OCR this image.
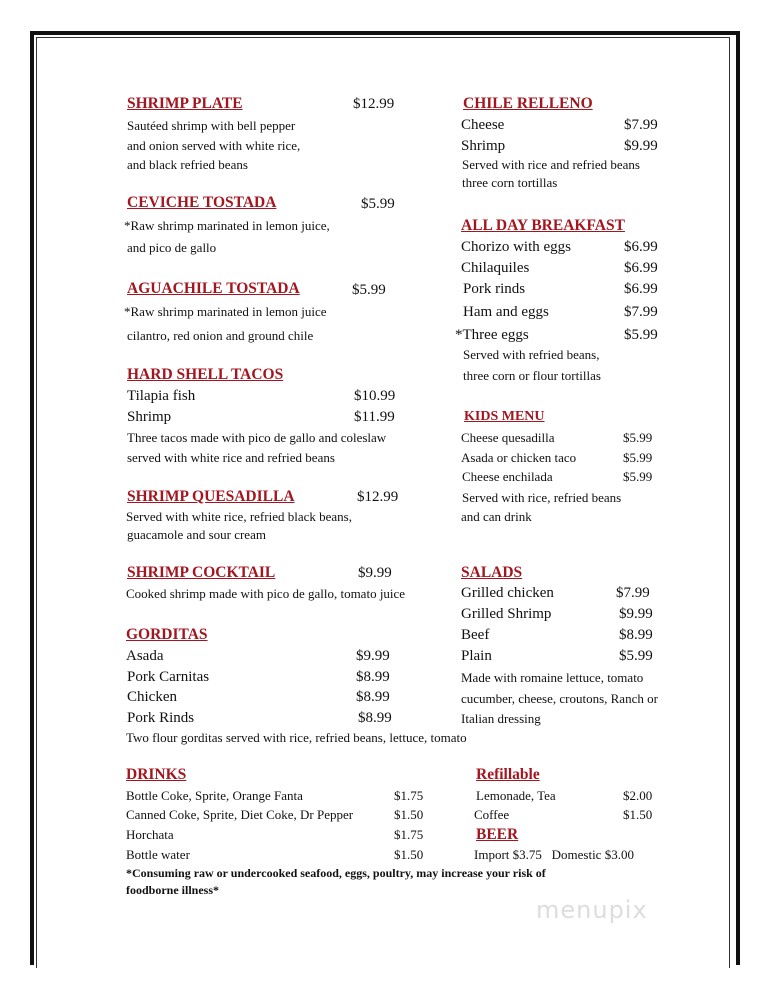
SHRIMP PLATE	$12.99
Sautéed shrimp with bell pepper
and onion served with white rice,
and black refried beans
CEVICHE TOSTADA	$5.99
*Raw shrimp marinated in lemon juice,
and pico de gallo
AGUACHILE TOSTADA	$5.99
*Raw shrimp marinated in lemon juice
cilantro, red onion and ground chile
HARD SHELL TACOS
Tilapia fish	$10.99
Shrimp	$11.99
Three tacos made with pico de gallo and coleslaw
served with white rice and refried beans
SHRIMP QUESADILLA	$12.99
Served with white rice, refried black beans,
guacamole and sour cream
SHRIMP COCKTAIL	$9.99
Cooked shrimp made with pico de gallo, tomato juice
GORDITAS
Asada	$9.99
Pork Carnitas	$8.99
Chicken	$8.99
Pork Rinds	$8.99
Two flour gorditas served with rice, refried beans, lettuce, tomato
DRINKS
Bottle Coke, Sprite, Orange Fanta	$1.75
Canned Coke, Sprite, Diet Coke, Dr Pepper	$1.50
Horchata	$1.75
Bottle water	$1.50
*Consuming raw or undercooked seafood, eggs, poultry, may increase your risk of
foodborne illness*
CHILE RELLENO
Cheese	$7.99
Shrimp	$9.99
Served with rice and refried beans
three corn tortillas
ALL DAY BREAKFAST
Chorizo with eggs	$6.99
Chilaquiles	$6.99
Pork rinds	$6.99
Ham and eggs	$7.99
*Three eggs	$5.99
Served with refried beans,
three corn or flour tortillas
KIDS MENU
Cheese quesadilla	$5.99
Asada or chicken taco	$5.99
Cheese enchilada	$5.99
Served with rice, refried beans
and can drink
SALADS
Grilled chicken	$7.99
Grilled Shrimp	$9.99
Beef	$8.99
Plain	$5.99
Made with romaine lettuce, tomato
cucumber, cheese, croutons, Ranch or
Italian dressing
Refillable
Lemonade, Tea	$2.00
Coffee	$1.50
BEER
Import $3.75   Domestic $3.00
menupix
